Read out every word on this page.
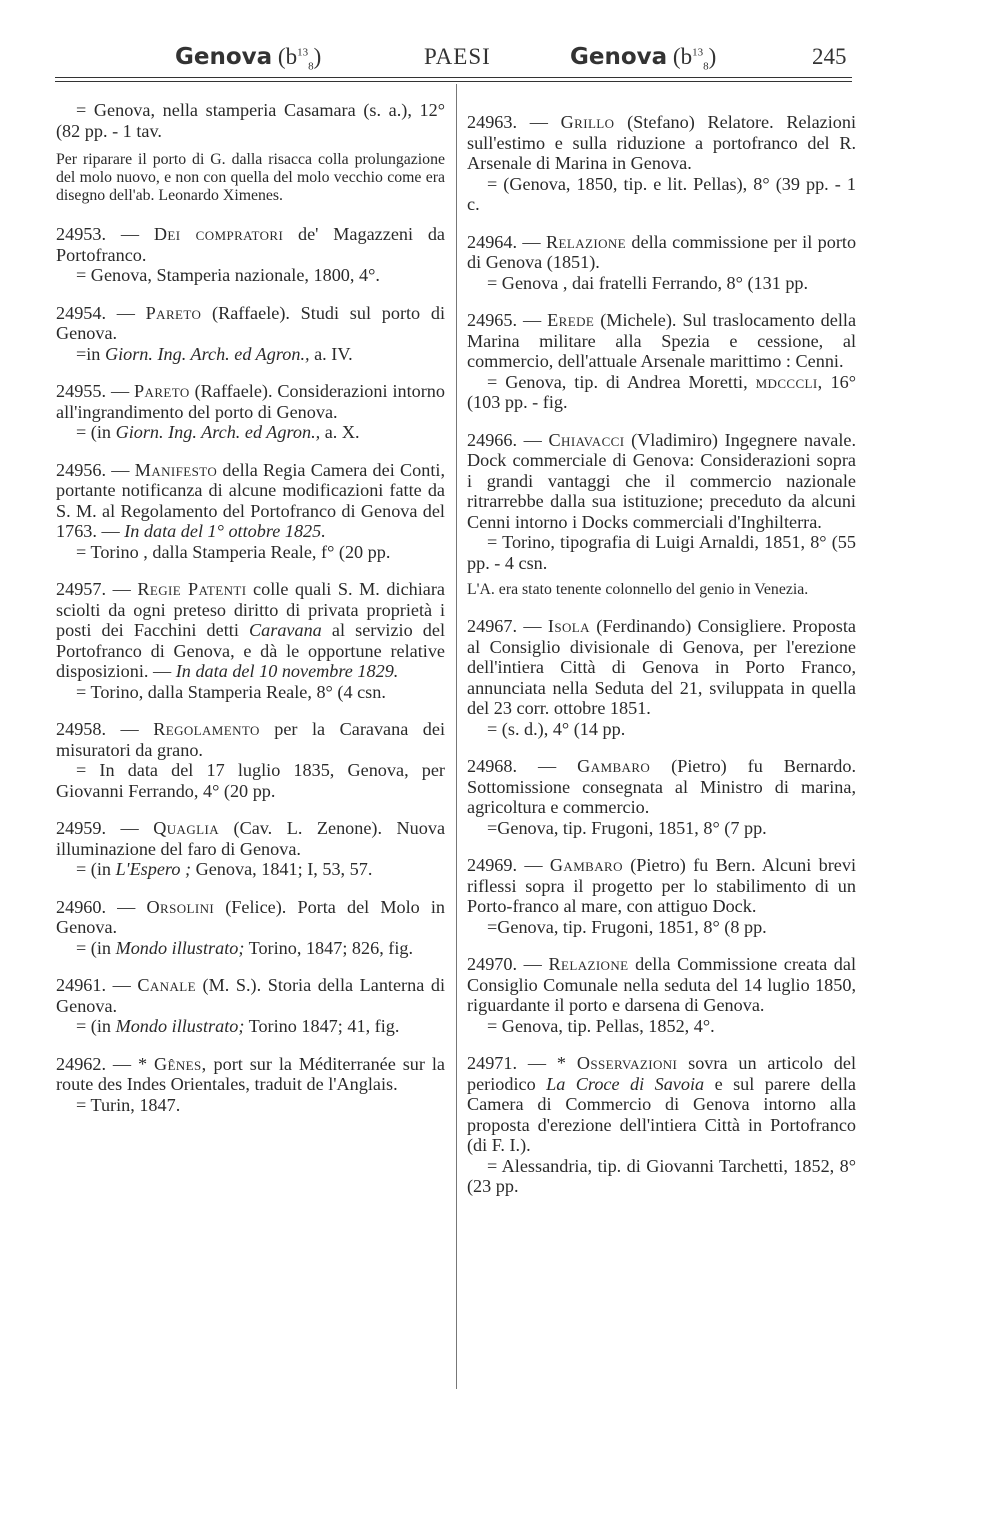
Genova $(b^{13}_8)$	PAESI	Genova $(b^{13}_8)$	245

= Genova, nella stamperia Casamara (s. a.), 12° (82 pp. - 1 tav.

Per riparare il porto di G. dalla risacca colla prolungazione del molo nuovo, e non con quella del molo vecchio come era disegno dell'ab. Leonardo Ximenes.

24953. — Dei compratori de' Magazzeni da Portofranco.

= Genova, Stamperia nazionale, 1800, 4°.

24954. — Pareto (Raffaele). Studi sul porto di Genova.

=in Giorn. Ing. Arch. ed Agron., a. IV.

24955. — Pareto (Raffaele). Considerazioni intorno all'ingrandimento del porto di Genova.

= (in Giorn. Ing. Arch. ed Agron., a. X.

24956. — Manifesto della Regia Camera dei Conti, portante notificanza di alcune modificazioni fatte da S. M. al Regolamento del Portofranco di Genova del 1763. — In data del 1° ottobre 1825.

= Torino , dalla Stamperia Reale, f° (20 pp.

24957. — Regie Patenti colle quali S. M. dichiara sciolti da ogni preteso diritto di privata proprietà i posti dei Facchini detti Caravana al servizio del Portofranco di Genova, e dà le opportune relative disposizioni. — In data del 10 novembre 1829.

= Torino, dalla Stamperia Reale, 8° (4 csn.

24958. — Regolamento per la Caravana dei misuratori da grano.

= In data del 17 luglio 1835, Genova, per Giovanni Ferrando, 4° (20 pp.

24959. — Quaglia (Cav. L. Zenone). Nuova illuminazione del faro di Genova.

= (in L'Espero ; Genova, 1841; I, 53, 57.

24960. — Orsolini (Felice). Porta del Molo in Genova.

= (in Mondo illustrato; Torino, 1847; 826, fig.

24961. — Canale (M. S.). Storia della Lanterna di Genova.

= (in Mondo illustrato; Torino 1847; 41, fig.

24962. — * Gênes, port sur la Méditerranée sur la route des Indes Orientales, traduit de l'Anglais.

= Turin, 1847.

24963. — Grillo (Stefano) Relatore. Relazioni sull'estimo e sulla riduzione a portofranco del R. Arsenale di Marina in Genova.

= (Genova, 1850, tip. e lit. Pellas), 8° (39 pp. - 1 c.

24964. — Relazione della commissione per il porto di Genova (1851).

= Genova , dai fratelli Ferrando, 8° (131 pp.

24965. — Erede (Michele). Sul traslocamento della Marina militare alla Spezia e cessione, al commercio, dell'attuale Arsenale marittimo : Cenni.

= Genova, tip. di Andrea Moretti, mdcccli, 16° (103 pp. - fig.

24966. — Chiavacci (Vladimiro) Ingegnere navale. Dock commerciale di Genova: Considerazioni sopra i grandi vantaggi che il commercio nazionale ritrarrebbe dalla sua istituzione; preceduto da alcuni Cenni intorno i Docks commerciali d'Inghilterra.

= Torino, tipografia di Luigi Arnaldi, 1851, 8° (55 pp. - 4 csn.

L'A. era stato tenente colonnello del genio in Venezia.

24967. — Isola (Ferdinando) Consigliere. Proposta al Consiglio divisionale di Genova, per l'erezione dell'intiera Città di Genova in Porto Franco, annunciata nella Seduta del 21, sviluppata in quella del 23 corr. ottobre 1851.

= (s. d.), 4° (14 pp.

24968. — Gambaro (Pietro) fu Bernardo. Sottomissione consegnata al Ministro di marina, agricoltura e commercio.

=Genova, tip. Frugoni, 1851, 8° (7 pp.

24969. — Gambaro (Pietro) fu Bern. Alcuni brevi riflessi sopra il progetto per lo stabilimento di un Porto-franco al mare, con attiguo Dock.

=Genova, tip. Frugoni, 1851, 8° (8 pp.

24970. — Relazione della Commissione creata dal Consiglio Comunale nella seduta del 14 luglio 1850, riguardante il porto e darsena di Genova.

= Genova, tip. Pellas, 1852, 4°.

24971. — * Osservazioni sovra un articolo del periodico La Croce di Savoia e sul parere della Camera di Commercio di Genova intorno alla proposta d'erezione dell'intiera Città in Portofranco (di F. I.).

= Alessandria, tip. di Giovanni Tarchetti, 1852, 8° (23 pp.
